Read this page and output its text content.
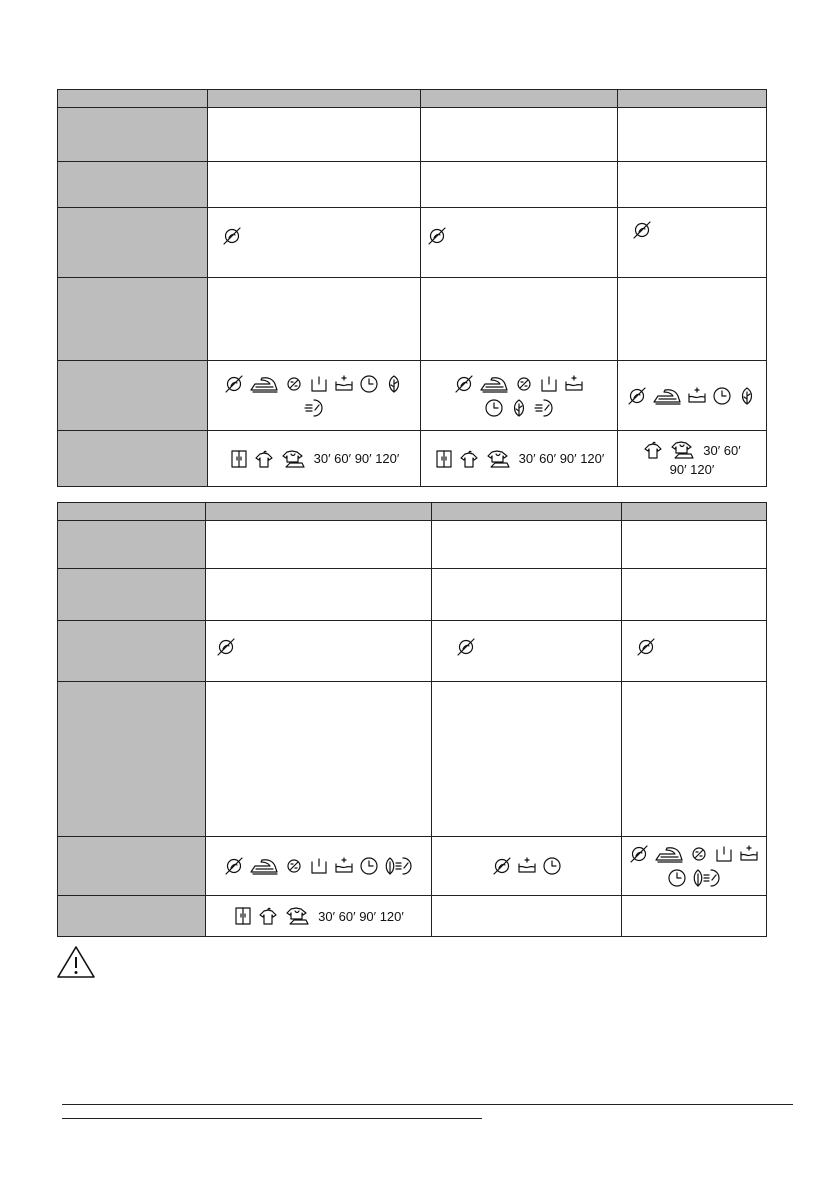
	30′ 60′ 90′ 120′	30′ 60′ 90′ 120′	30′ 60′
90′ 120′

	30′ 60′ 90′ 120′		
